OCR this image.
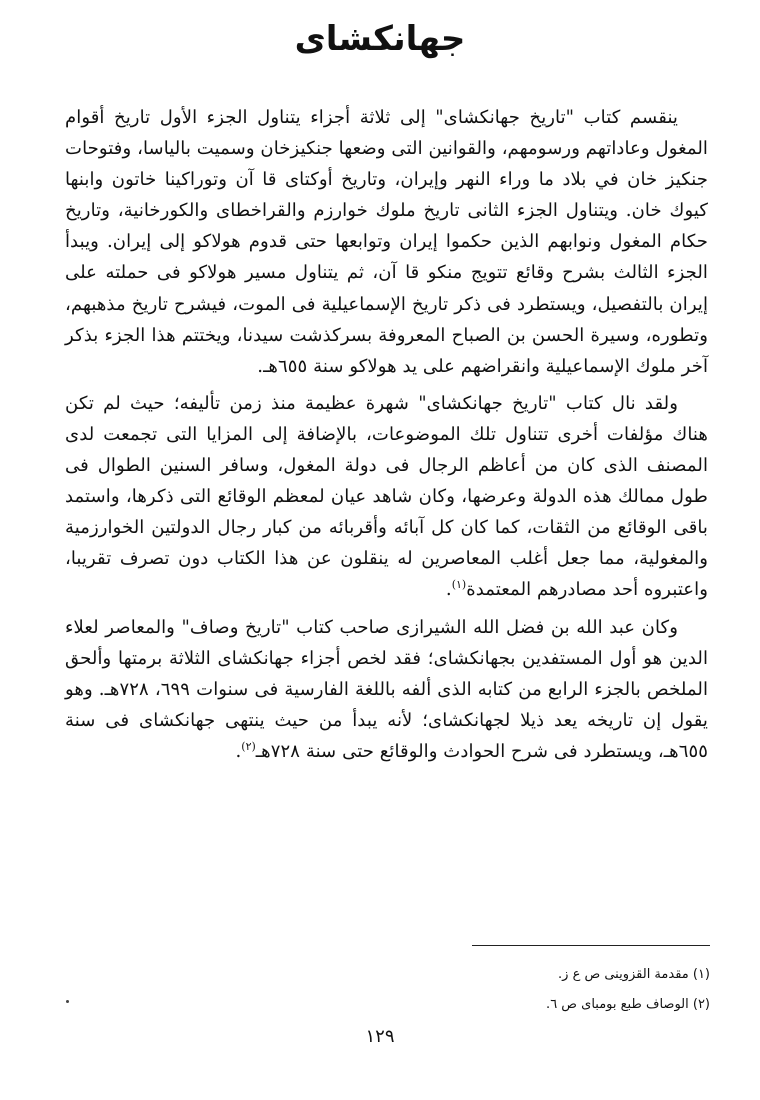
جهانكشاى

ينقسم كتاب "تاريخ جهانكشاى" إلى ثلاثة أجزاء يتناول الجزء الأول تاريخ أقوام المغول وعاداتهم ورسومهم، والقوانين التى وضعها جنكيزخان وسميت بالياسا، وفتوحات جنكيز خان في بلاد ما وراء النهر وإيران، وتاريخ أوكتاى قا آن وتوراكينا خاتون وابنها كيوك خان. ويتناول الجزء الثانى تاريخ ملوك خوارزم والقراخطاى والكورخانية، وتاريخ حكام المغول ونوابهم الذين حكموا إيران وتوابعها حتى قدوم هولاكو إلى إيران. ويبدأ الجزء الثالث بشرح وقائع تتويج منكو قا آن، ثم يتناول مسير هولاكو فى حملته على إيران بالتفصيل، ويستطرد فى ذكر تاريخ الإسماعيلية فى الموت، فيشرح تاريخ مذهبهم، وتطوره، وسيرة الحسن بن الصباح المعروفة بسركذشت سيدنا، ويختتم هذا الجزء بذكر آخر ملوك الإسماعيلية وانقراضهم على يد هولاكو سنة ٦٥٥هـ.

ولقد نال كتاب "تاريخ جهانكشاى" شهرة عظيمة منذ زمن تأليفه؛ حيث لم تكن هناك مؤلفات أخرى تتناول تلك الموضوعات، بالإضافة إلى المزايا التى تجمعت لدى المصنف الذى كان من أعاظم الرجال فى دولة المغول، وسافر السنين الطوال فى طول ممالك هذه الدولة وعرضها، وكان شاهد عيان لمعظم الوقائع التى ذكرها، واستمد باقى الوقائع من الثقات، كما كان كل آبائه وأقربائه من كبار رجال الدولتين الخوارزمية والمغولية، مما جعل أغلب المعاصرين له ينقلون عن هذا الكتاب دون تصرف تقريبا، واعتبروه أحد مصادرهم المعتمدة$^{(١)}$.

وكان عبد الله بن فضل الله الشيرازى صاحب كتاب "تاريخ وصاف" والمعاصر لعلاء الدين هو أول المستفدين بجهانكشاى؛ فقد لخص أجزاء جهانكشاى الثلاثة برمتها وألحق الملخص بالجزء الرابع من كتابه الذى ألفه باللغة الفارسية فى سنوات ٦٩٩، ٧٢٨هـ. وهو يقول إن تاريخه يعد ذيلا لجهانكشاى؛ لأنه يبدأ من حيث ينتهى جهانكشاى فى سنة ٦٥٥هـ، ويستطرد فى شرح الحوادث والوقائع حتى سنة ٧٢٨هـ$^{(٢)}$.

(١) مقدمة القزوينى ص ع ز.
(٢) الوصاف طبع بومباى ص ٦.
١٢٩
